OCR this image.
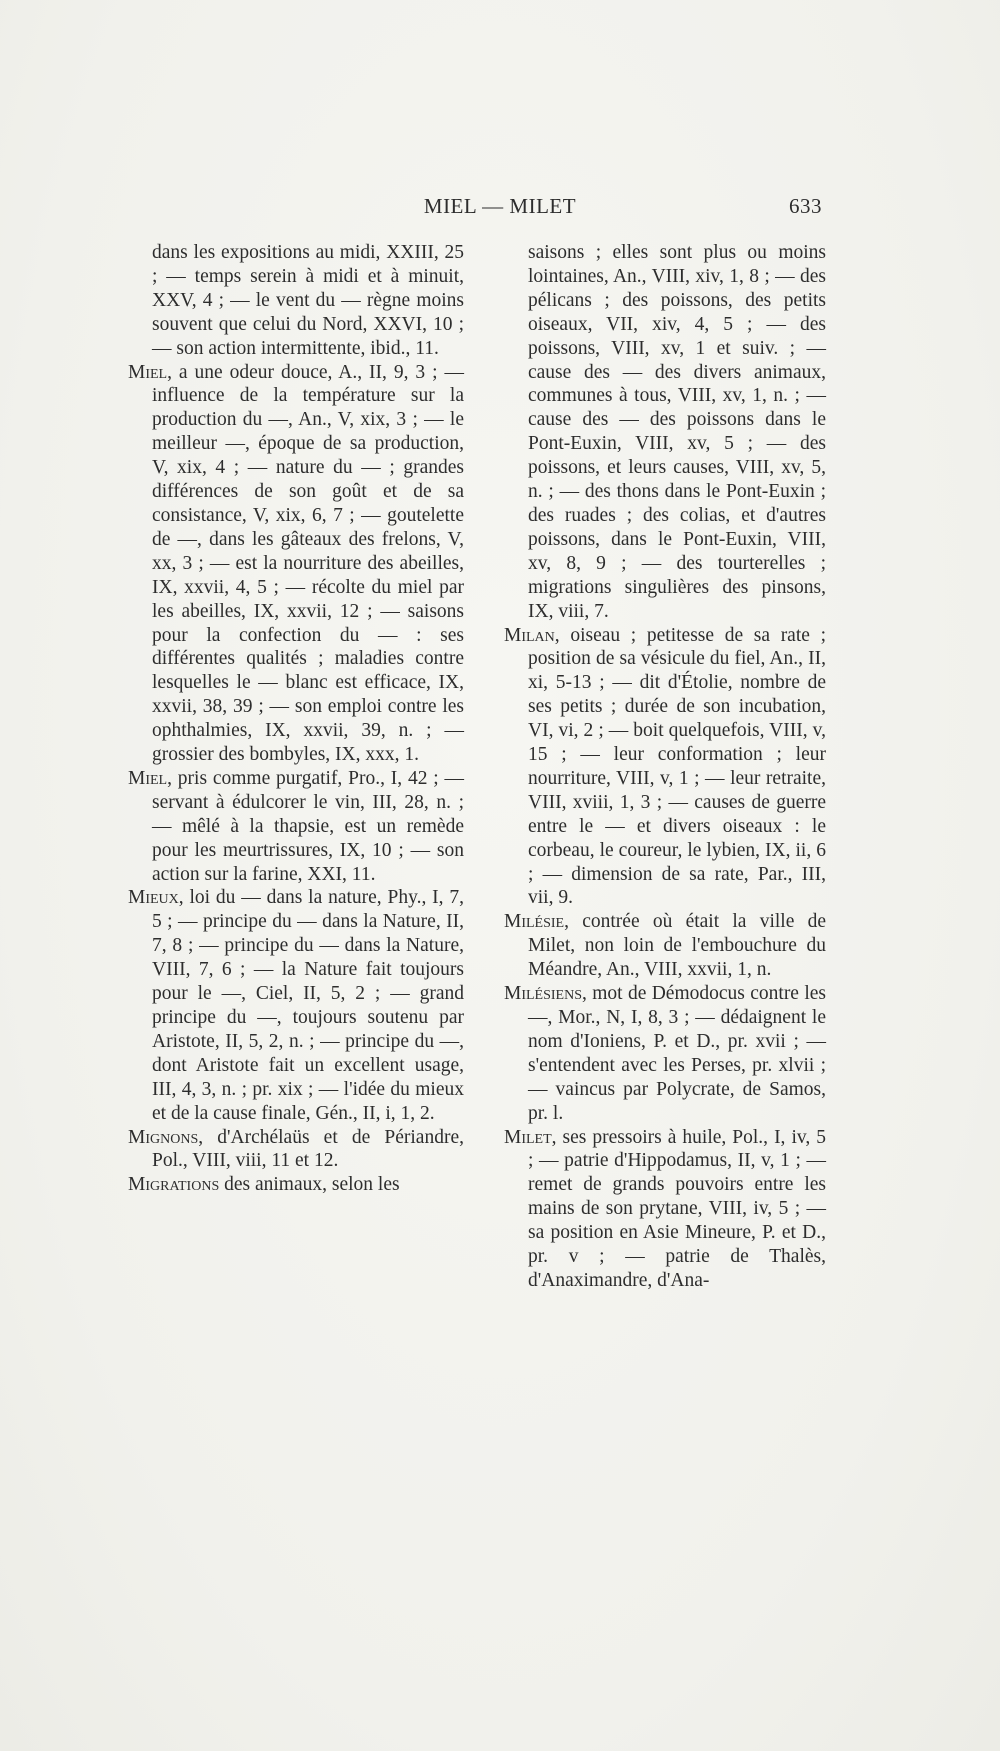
MIEL — MILET	633

dans les expositions au midi, XXIII, 25 ; — temps serein à midi et à minuit, XXV, 4 ; — le vent du — règne moins souvent que celui du Nord, XXVI, 10 ; — son action intermittente, ibid., 11.

Miel, a une odeur douce, A., II, 9, 3 ; — influence de la température sur la production du —, An., V, xix, 3 ; — le meilleur —, époque de sa production, V, xix, 4 ; — nature du — ; grandes différences de son goût et de sa consistance, V, xix, 6, 7 ; — goutelette de —, dans les gâteaux des frelons, V, xx, 3 ; — est la nourriture des abeilles, IX, xxvii, 4, 5 ; — récolte du miel par les abeilles, IX, xxvii, 12 ; — saisons pour la confection du — : ses différentes qualités ; maladies contre lesquelles le — blanc est efficace, IX, xxvii, 38, 39 ; — son emploi contre les ophthalmies, IX, xxvii, 39, n. ; — grossier des bombyles, IX, xxx, 1.

Miel, pris comme purgatif, Pro., I, 42 ; — servant à édulcorer le vin, III, 28, n. ; — mêlé à la thapsie, est un remède pour les meurtrissures, IX, 10 ; — son action sur la farine, XXI, 11.

Mieux, loi du — dans la nature, Phy., I, 7, 5 ; — principe du — dans la Nature, II, 7, 8 ; — principe du — dans la Nature, VIII, 7, 6 ; — la Nature fait toujours pour le —, Ciel, II, 5, 2 ; — grand principe du —, toujours soutenu par Aristote, II, 5, 2, n. ; — principe du —, dont Aristote fait un excellent usage, III, 4, 3, n. ; pr. xix ; — l'idée du mieux et de la cause finale, Gén., II, i, 1, 2.

Mignons, d'Archélaüs et de Périandre, Pol., VIII, viii, 11 et 12.

Migrations des animaux, selon les

saisons ; elles sont plus ou moins lointaines, An., VIII, xiv, 1, 8 ; — des pélicans ; des poissons, des petits oiseaux, VII, xiv, 4, 5 ; — des poissons, VIII, xv, 1 et suiv. ; — cause des — des divers animaux, communes à tous, VIII, xv, 1, n. ; — cause des — des poissons dans le Pont-Euxin, VIII, xv, 5 ; — des poissons, et leurs causes, VIII, xv, 5, n. ; — des thons dans le Pont-Euxin ; des ruades ; des colias, et d'autres poissons, dans le Pont-Euxin, VIII, xv, 8, 9 ; — des tourterelles ; migrations singulières des pinsons, IX, viii, 7.

Milan, oiseau ; petitesse de sa rate ; position de sa vésicule du fiel, An., II, xi, 5-13 ; — dit d'Étolie, nombre de ses petits ; durée de son incubation, VI, vi, 2 ; — boit quelquefois, VIII, v, 15 ; — leur conformation ; leur nourriture, VIII, v, 1 ; — leur retraite, VIII, xviii, 1, 3 ; — causes de guerre entre le — et divers oiseaux : le corbeau, le coureur, le lybien, IX, ii, 6 ; — dimension de sa rate, Par., III, vii, 9.

Milésie, contrée où était la ville de Milet, non loin de l'embouchure du Méandre, An., VIII, xxvii, 1, n.

Milésiens, mot de Démodocus contre les —, Mor., N, I, 8, 3 ; — dédaignent le nom d'Ioniens, P. et D., pr. xvii ; — s'entendent avec les Perses, pr. xlvii ; — vaincus par Polycrate, de Samos, pr. l.

Milet, ses pressoirs à huile, Pol., I, iv, 5 ; — patrie d'Hippodamus, II, v, 1 ; — remet de grands pouvoirs entre les mains de son prytane, VIII, iv, 5 ; — sa position en Asie Mineure, P. et D., pr. v ; — patrie de Thalès, d'Anaximandre, d'Ana-
